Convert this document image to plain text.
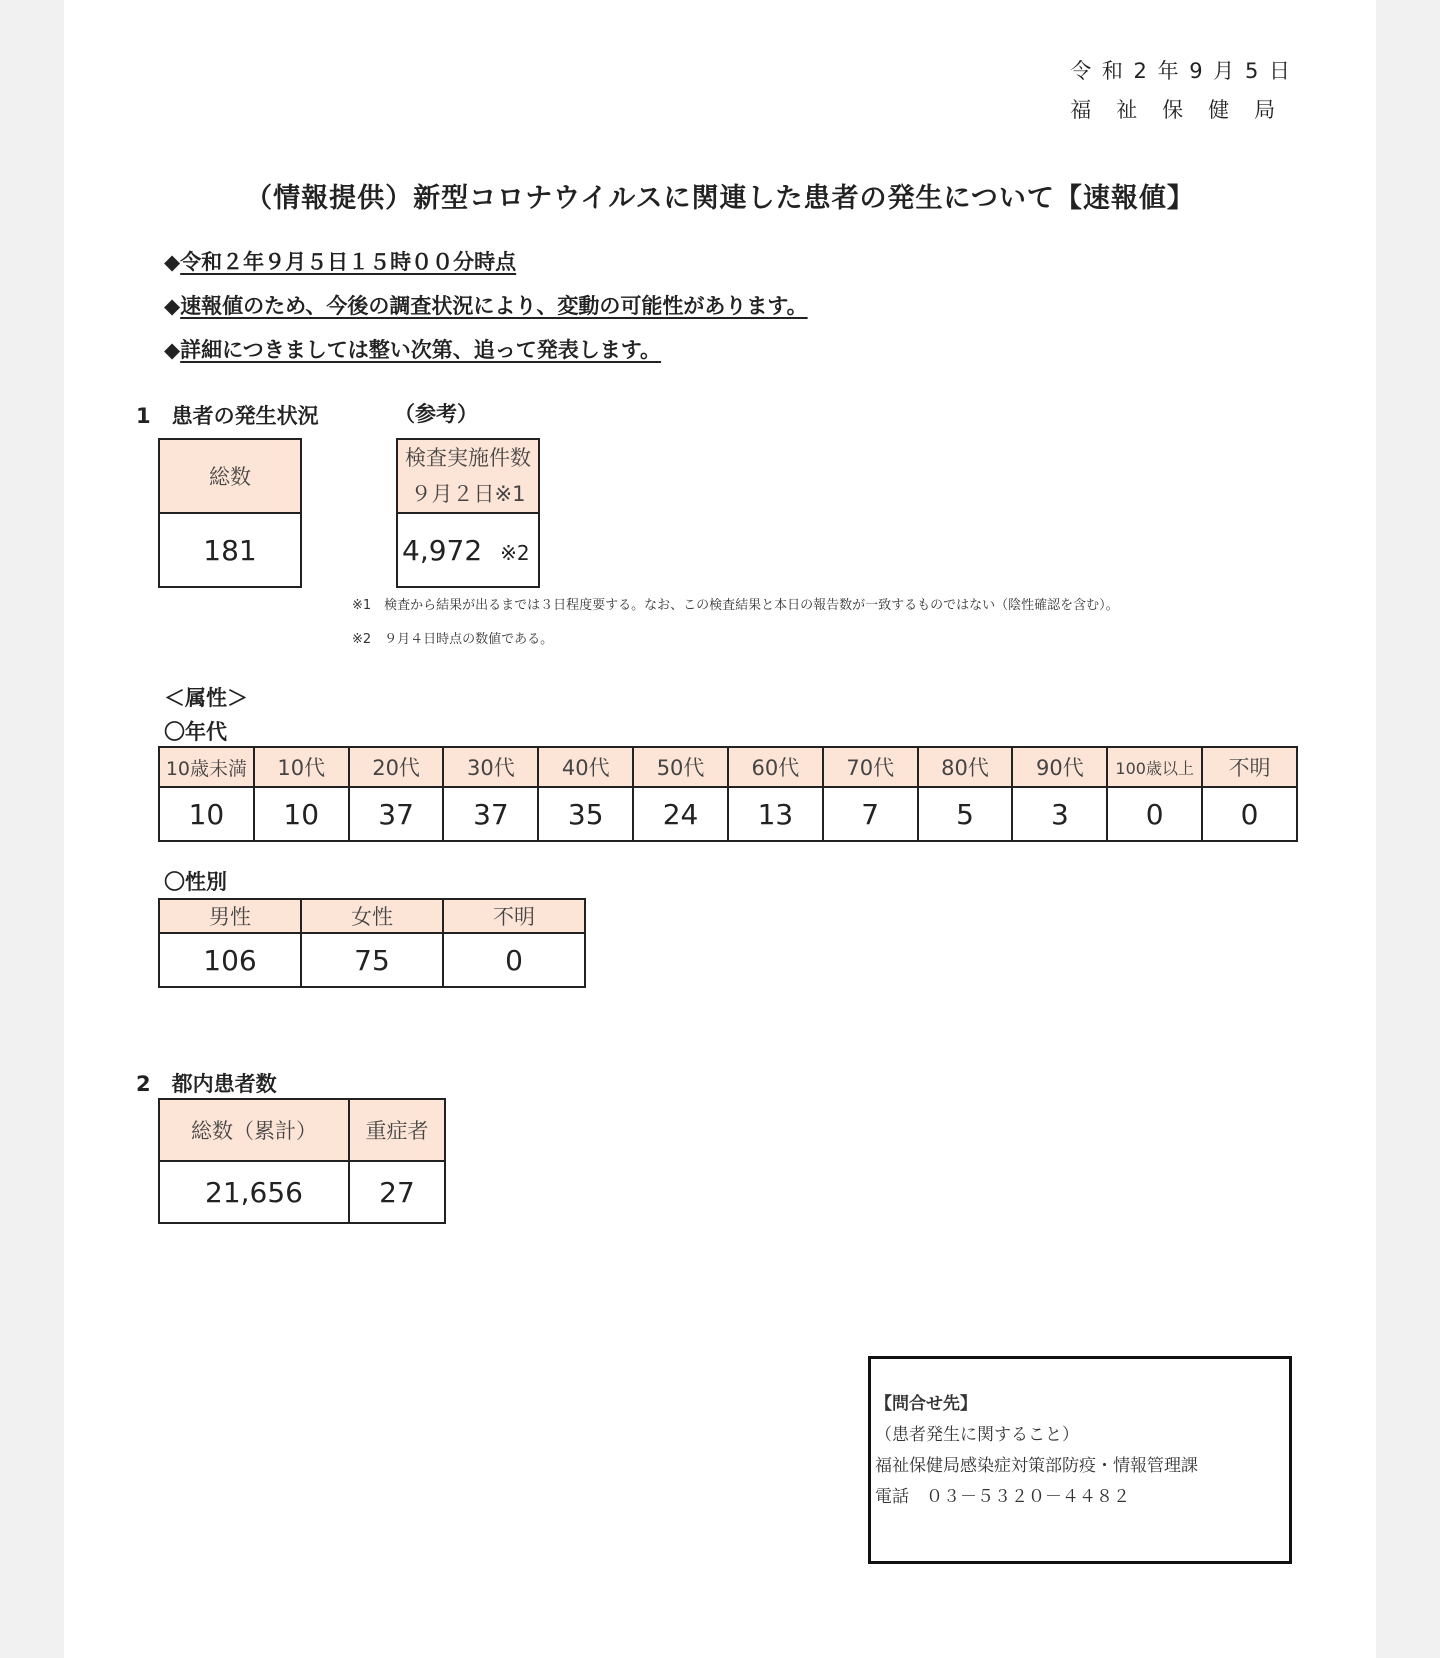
令 和 2 年 9 月 5 日
福　祉　保　健　局
（情報提供）新型コロナウイルスに関連した患者の発生について【速報値】
◆令和２年９月５日１５時００分時点
◆速報値のため、今後の調査状況により、変動の可能性があります。
◆詳細につきましては整い次第、追って発表します。
1　患者の発生状況	（参考）
総数
181
検査実施件数
９月２日※1

4,972 ※2
※1　検査から結果が出るまでは３日程度要する。なお、この検査結果と本日の報告数が一致するものではない（陰性確認を含む）。
※2　９月４日時点の数値である。
＜属性＞
〇年代
10歳未満	10代	20代	30代	40代	50代	60代	70代	80代	90代	100歳以上	不明
10	10	37	37	35	24	13	7	5	3	0	0
〇性別
男性	女性	不明
106	75	0
2　都内患者数
総数（累計）	重症者
21,656	27
【問合せ先】
（患者発生に関すること）
福祉保健局感染症対策部防疫・情報管理課
電話　０３－５３２０－４４８２
